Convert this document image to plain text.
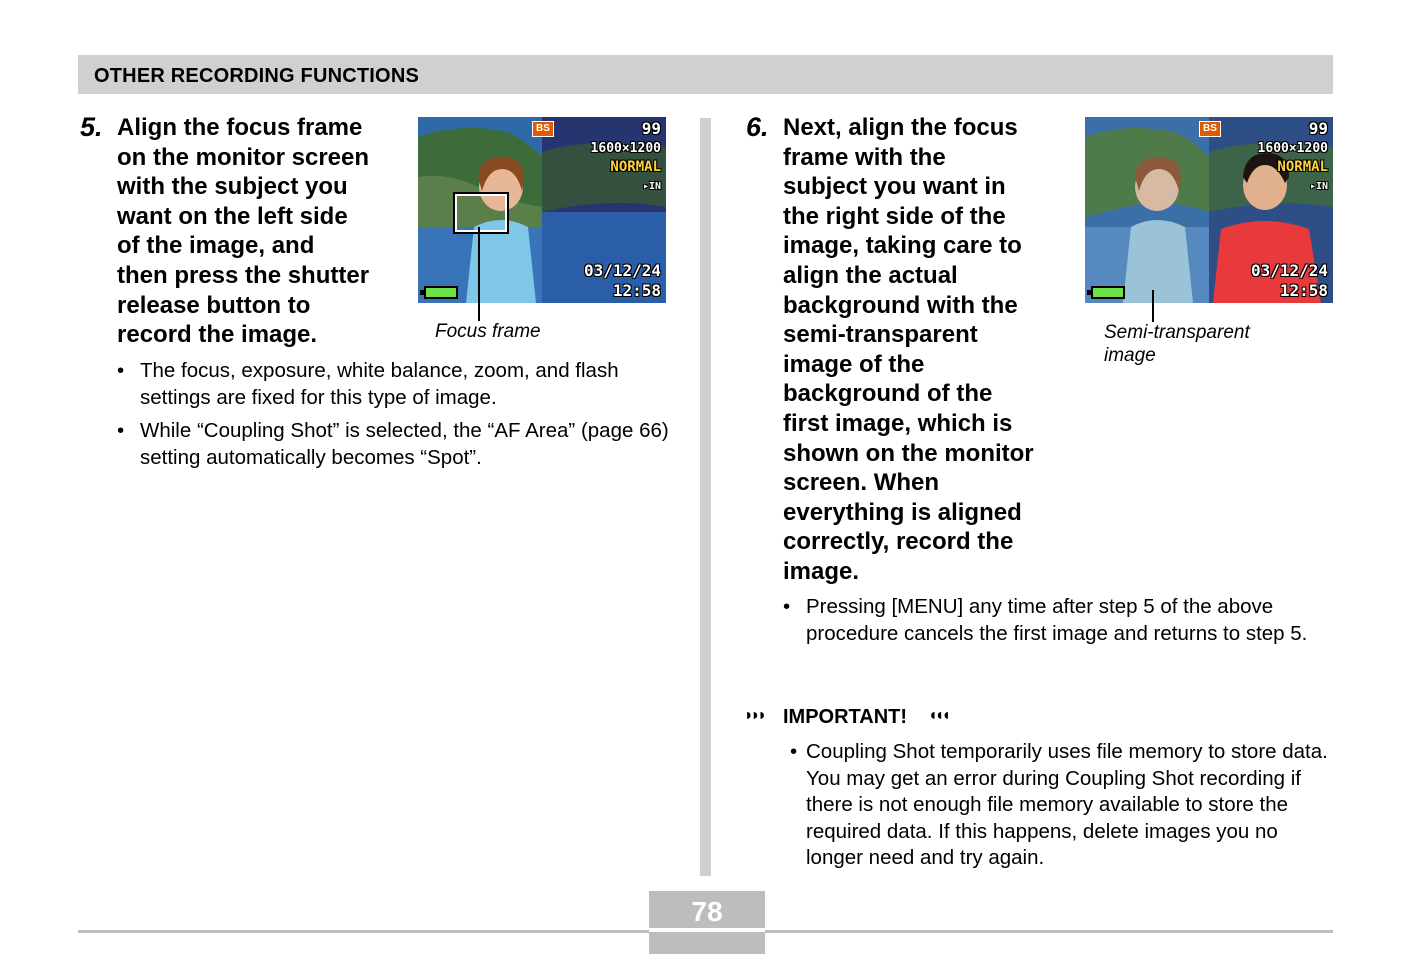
OTHER RECORDING FUNCTIONS
5. Align the focus frame
on the monitor screen
with the subject you
want on the left side
of the image, and
then press the shutter
release button to
record the image.
BS	99
1600×1200
NORMAL
▸IN
03/12/24
12:58
Focus frame
• The focus, exposure, white balance, zoom, and flash settings are fixed for this type of image.
• While “Coupling Shot” is selected, the “AF Area” (page 66) setting automatically becomes “Spot”.
6. Next, align the focus
frame with the
subject you want in
the right side of the
image, taking care to
align the actual
background with the
semi-transparent
image of the
background of the
first image, which is
shown on the monitor
screen. When
everything is aligned
correctly, record the
image.
BS	99
1600×1200
NORMAL
▸IN
03/12/24
12:58
Semi-transparent
image
• Pressing [MENU] any time after step 5 of the above procedure cancels the first image and returns to step 5.
◗◗◗ IMPORTANT! ◖◖◖
• Coupling Shot temporarily uses file memory to store data. You may get an error during Coupling Shot recording if there is not enough file memory available to store the required data. If this happens, delete images you no longer need and try again.
78
